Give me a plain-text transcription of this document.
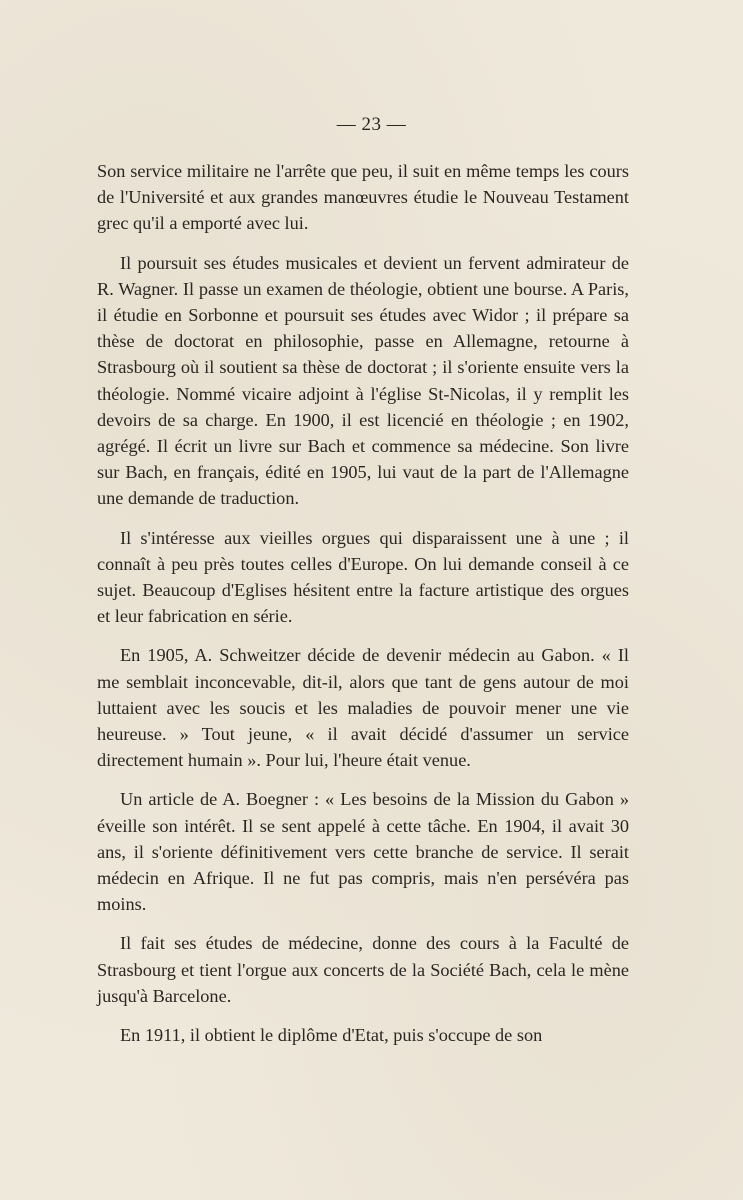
— 23 —

Son service militaire ne l'arrête que peu, il suit en même temps les cours de l'Université et aux grandes manœuvres étudie le Nouveau Testament grec qu'il a emporté avec lui.

Il poursuit ses études musicales et devient un fervent admirateur de R. Wagner. Il passe un examen de théologie, obtient une bourse. A Paris, il étudie en Sorbonne et poursuit ses études avec Widor ; il prépare sa thèse de doctorat en philosophie, passe en Allemagne, retourne à Strasbourg où il soutient sa thèse de doctorat ; il s'oriente ensuite vers la théologie. Nommé vicaire adjoint à l'église St-Nicolas, il y remplit les devoirs de sa charge. En 1900, il est licencié en théologie ; en 1902, agrégé. Il écrit un livre sur Bach et commence sa médecine. Son livre sur Bach, en français, édité en 1905, lui vaut de la part de l'Allemagne une demande de traduction.

Il s'intéresse aux vieilles orgues qui disparaissent une à une ; il connaît à peu près toutes celles d'Europe. On lui demande conseil à ce sujet. Beaucoup d'Eglises hésitent entre la facture artistique des orgues et leur fabrication en série.

En 1905, A. Schweitzer décide de devenir médecin au Gabon. « Il me semblait inconcevable, dit-il, alors que tant de gens autour de moi luttaient avec les soucis et les maladies de pouvoir mener une vie heureuse. » Tout jeune, « il avait décidé d'assumer un service directement humain ». Pour lui, l'heure était venue.

Un article de A. Boegner : « Les besoins de la Mission du Gabon » éveille son intérêt. Il se sent appelé à cette tâche. En 1904, il avait 30 ans, il s'oriente définitivement vers cette branche de service. Il serait médecin en Afrique. Il ne fut pas compris, mais n'en persévéra pas moins.

Il fait ses études de médecine, donne des cours à la Faculté de Strasbourg et tient l'orgue aux concerts de la Société Bach, cela le mène jusqu'à Barcelone.

En 1911, il obtient le diplôme d'Etat, puis s'occupe de son
